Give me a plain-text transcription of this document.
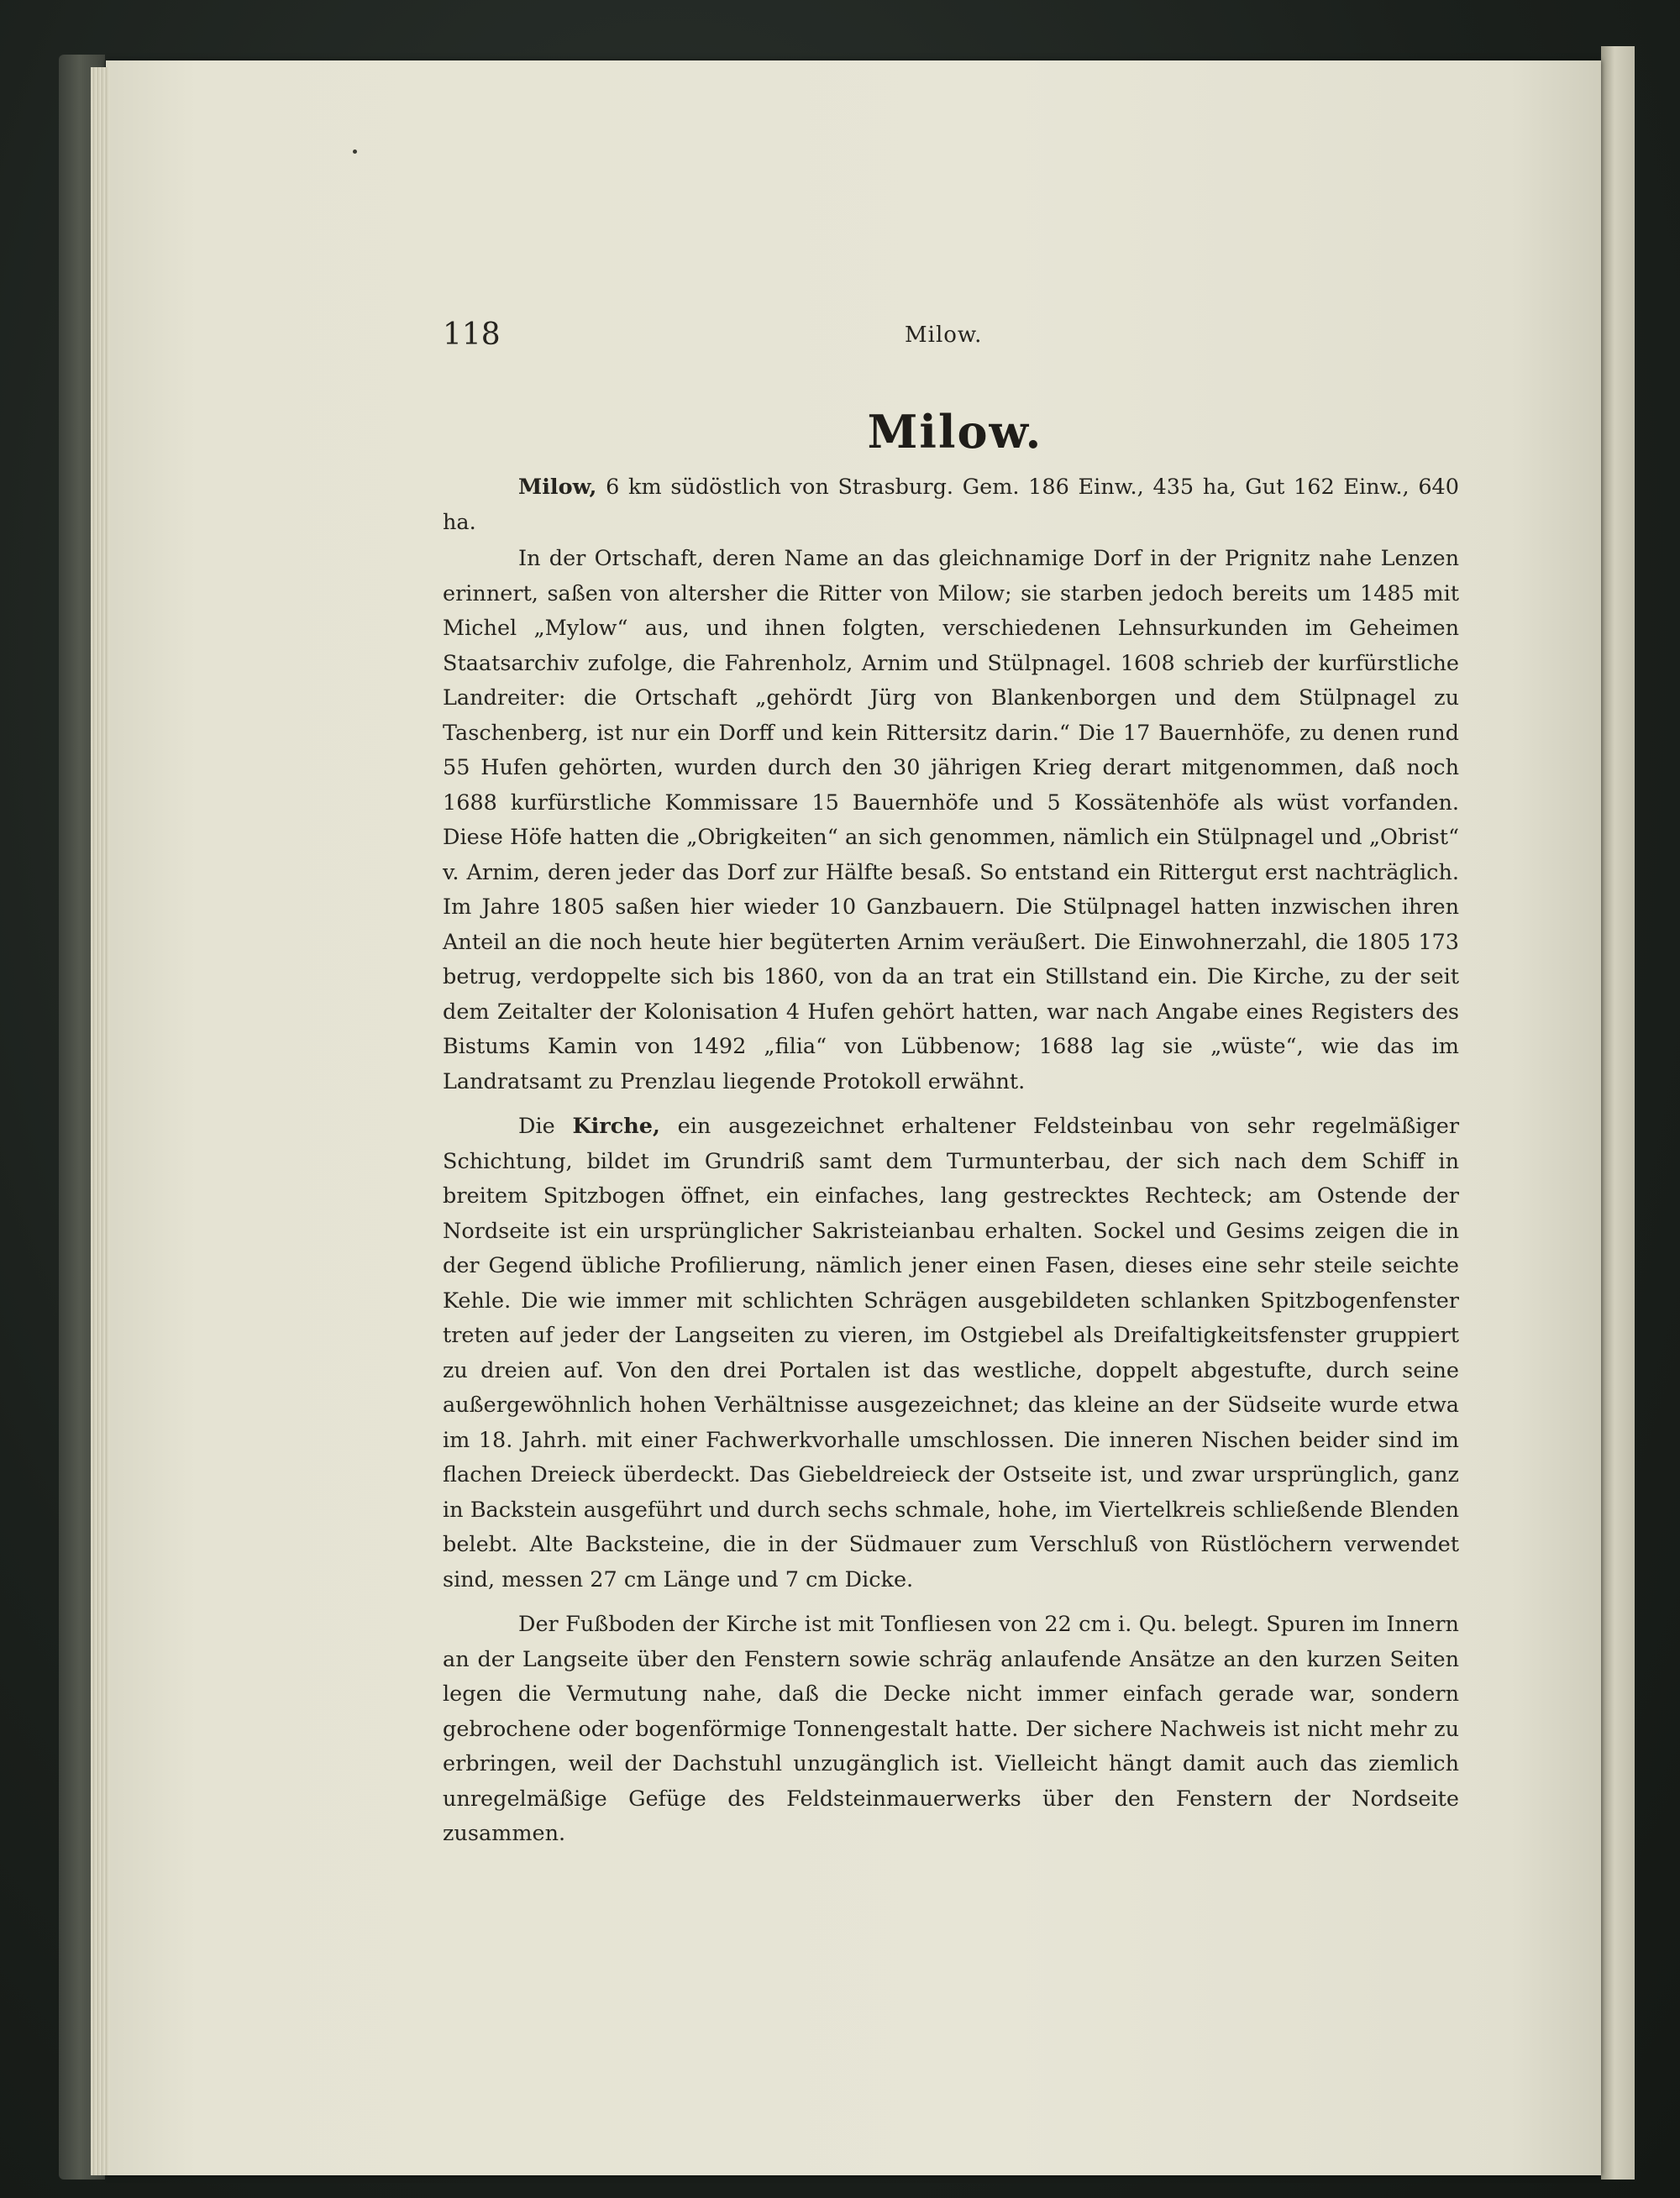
118	Milow.
Milow.

Milow, 6 km südöstlich von Strasburg. Gem. 186 Einw., 435 ha, Gut 162 Einw., 640 ha.

In der Ortschaft, deren Name an das gleichnamige Dorf in der Prignitz nahe Lenzen erinnert, saßen von altersher die Ritter von Milow; sie starben jedoch bereits um 1485 mit Michel „Mylow“ aus, und ihnen folgten, verschiedenen Lehnsurkunden im Geheimen Staatsarchiv zufolge, die Fahrenholz, Arnim und Stülpnagel. 1608 schrieb der kurfürstliche Landreiter: die Ortschaft „gehördt Jürg von Blankenborgen und dem Stülpnagel zu Taschenberg, ist nur ein Dorff und kein Rittersitz darin.“ Die 17 Bauernhöfe, zu denen rund 55 Hufen gehörten, wurden durch den 30 jährigen Krieg derart mitgenommen, daß noch 1688 kurfürstliche Kommissare 15 Bauernhöfe und 5 Kossätenhöfe als wüst vorfanden. Diese Höfe hatten die „Obrigkeiten“ an sich genommen, nämlich ein Stülpnagel und „Obrist“ v. Arnim, deren jeder das Dorf zur Hälfte besaß. So entstand ein Rittergut erst nachträglich. Im Jahre 1805 saßen hier wieder 10 Ganzbauern. Die Stülpnagel hatten inzwischen ihren Anteil an die noch heute hier begüterten Arnim veräußert. Die Einwohnerzahl, die 1805 173 betrug, verdoppelte sich bis 1860, von da an trat ein Stillstand ein. Die Kirche, zu der seit dem Zeitalter der Kolonisation 4 Hufen gehört hatten, war nach Angabe eines Registers des Bistums Kamin von 1492 „filia“ von Lübbenow; 1688 lag sie „wüste“, wie das im Landratsamt zu Prenzlau liegende Protokoll erwähnt.

Die Kirche, ein ausgezeichnet erhaltener Feldsteinbau von sehr regelmäßiger Schichtung, bildet im Grundriß samt dem Turmunterbau, der sich nach dem Schiff in breitem Spitzbogen öffnet, ein einfaches, lang gestrecktes Rechteck; am Ostende der Nordseite ist ein ursprünglicher Sakristeianbau erhalten. Sockel und Gesims zeigen die in der Gegend übliche Profilierung, nämlich jener einen Fasen, dieses eine sehr steile seichte Kehle. Die wie immer mit schlichten Schrägen ausgebildeten schlanken Spitzbogenfenster treten auf jeder der Langseiten zu vieren, im Ostgiebel als Dreifaltigkeitsfenster gruppiert zu dreien auf. Von den drei Portalen ist das westliche, doppelt abgestufte, durch seine außergewöhnlich hohen Verhältnisse ausgezeichnet; das kleine an der Südseite wurde etwa im 18. Jahrh. mit einer Fachwerkvorhalle umschlossen. Die inneren Nischen beider sind im flachen Dreieck überdeckt. Das Giebeldreieck der Ostseite ist, und zwar ursprünglich, ganz in Backstein ausgeführt und durch sechs schmale, hohe, im Viertelkreis schließende Blenden belebt. Alte Backsteine, die in der Südmauer zum Verschluß von Rüstlöchern verwendet sind, messen 27 cm Länge und 7 cm Dicke.

Der Fußboden der Kirche ist mit Tonfliesen von 22 cm i. Qu. belegt. Spuren im Innern an der Langseite über den Fenstern sowie schräg anlaufende Ansätze an den kurzen Seiten legen die Vermutung nahe, daß die Decke nicht immer einfach gerade war, sondern gebrochene oder bogenförmige Tonnengestalt hatte. Der sichere Nachweis ist nicht mehr zu erbringen, weil der Dachstuhl unzugänglich ist. Vielleicht hängt damit auch das ziemlich unregelmäßige Gefüge des Feldsteinmauerwerks über den Fenstern der Nordseite zusammen.
